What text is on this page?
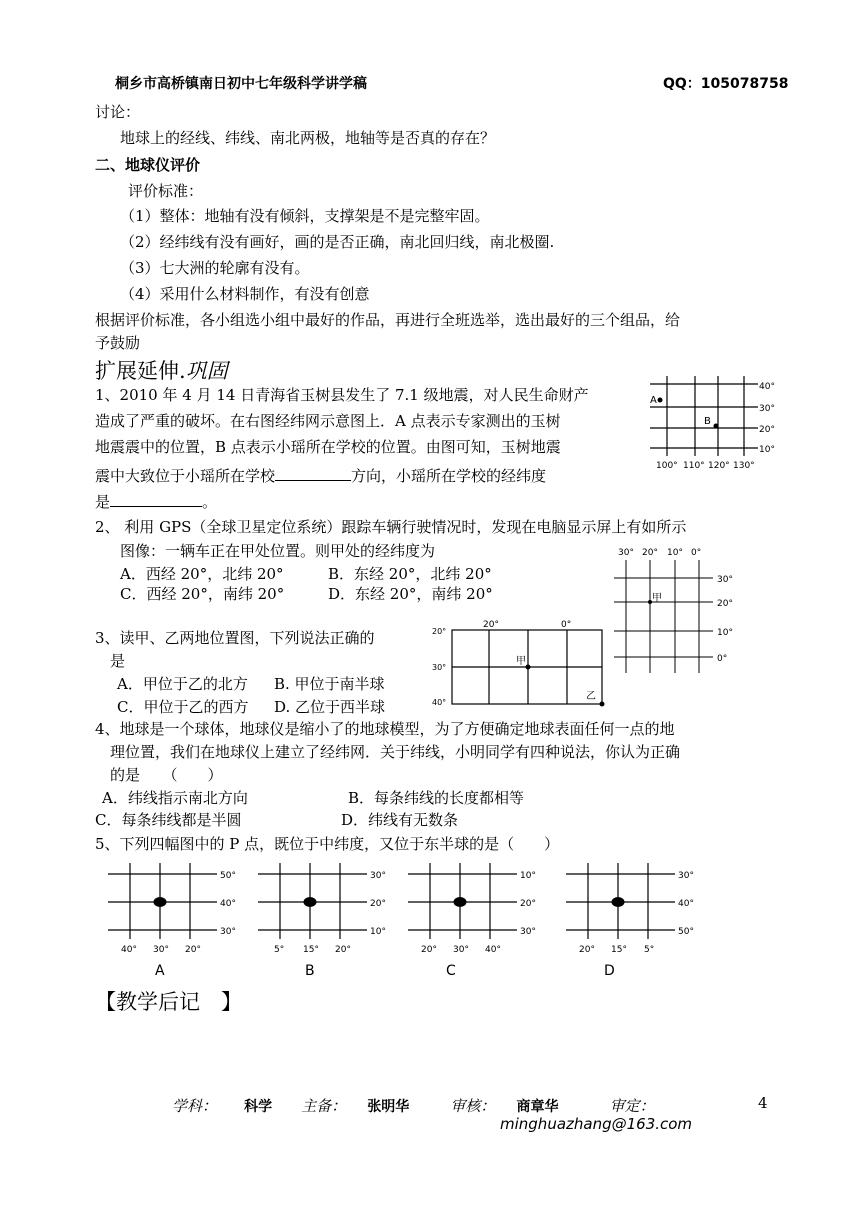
桐乡市高桥镇南日初中七年级科学讲学稿	QQ：105078758
讨论：
地球上的经线、纬线、南北两极，地轴等是否真的存在？
二、地球仪评价
评价标准：
（1）整体：地轴有没有倾斜，支撑架是不是完整牢固。
（2）经纬线有没有画好，画的是否正确，南北回归线，南北极圈.
（3）七大洲的轮廓有没有。
（4）采用什么材料制作，有没有创意
根据评价标准，各小组选小组中最好的作品，再进行全班选举，选出最好的三个组品，给
予鼓励
扩展延伸.巩固
1、2010 年 4 月 14 日青海省玉树县发生了 7.1 级地震，对人民生命财产
造成了严重的破坏。在右图经纬网示意图上．A 点表示专家测出的玉树
地震震中的位置，B 点表示小瑶所在学校的位置。由图可知，玉树地震
震中大致位于小瑶所在学校	方向，小瑶所在学校的经纬度
是	。
A
B
40°
30°
20°
10°
100° 110° 120° 130°
2、 利用 GPS（全球卫星定位系统）跟踪车辆行驶情况时，发现在电脑显示屏上有如所示
图像：一辆车正在甲处位置。则甲处的经纬度为
A．西经 20°，北纬 20°	B．东经 20°，北纬 20°
C．西经 20°，南纬 20°	D．东经 20°，南纬 20°
30° 20° 10° 0°
甲
30°
20°
10°
0°
3、读甲、乙两地位置图，下列说法正确的
是
A．甲位于乙的北方 B. 甲位于南半球
C．甲位于乙的西方 D. 乙位于西半球
20°	0°
20°
30°
40°
甲
乙
4、地球是一个球体，地球仪是缩小了的地球模型，为了方便确定地球表面任何一点的地
理位置，我们在地球仪上建立了经纬网．关于纬线，小明同学有四种说法，你认为正确
的是　　（　　）
A．纬线指示南北方向	B．每条纬线的长度都相等
C．每条纬线都是半圆	D．纬线有无数条
5、下列四幅图中的 P 点，既位于中纬度，又位于东半球的是（　　）
50°
40°
30°
40° 30° 20°
A
30°
20°
10°
5° 15° 20°
B
10°
20°
30°
20° 30° 40°
C
30°
40°
50°
20° 15° 5°
D
【教学后记　】
学科： 科学 主备： 张明华	审核： 商章华	审定：	4
minghuazhang@163.com
